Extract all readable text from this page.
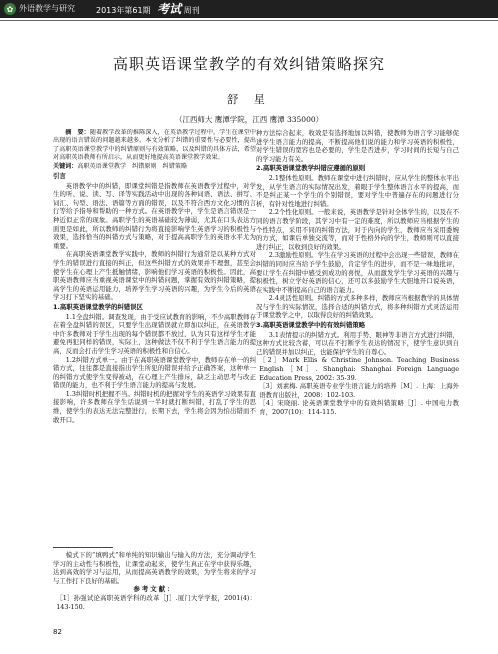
✿ 外语教学与研究	2013年第61期 考试 周刊
高职英语课堂教学的有效纠错策略探究
舒 星
（江西师大 鹰潭学院，江西 鹰潭 335000）

摘　要：随着教学改革的推陈深入，在英语教学过程中，学生在课堂中出现的语言错误的问题越来越多，本文分析了纠错的重要性与必要性，提出了高职英语课堂教学中的纠错原则与有效策略，以及纠错的具体方法，希望对高职英语教师有所启示，从而更好地提高英语课堂教学效果。
关键词：高职英语课堂教学　纠错原则　纠错策略

引言

英语教学中的纠错，即课堂纠错是指教师在英语教学过程中，对学生的听、说、读、写、译等实践活动中出现的各种词语、语法、拼写、词汇、句型、语法、语篇等方面的错误，以及不符合西方文化习惯的言行等给予指导和帮助的一种方式。在英语教学中，学生是语言错误是一种近似正常的现象。高职学生的英语基础较为薄弱，尤其在口头表达方面更是如此，所以教师的纠错行为将直接影响学生英语学习的积极性与效果，选择恰当的纠错方式与策略，对于提高高职学生的英语水平尤为重要。

在高职英语课堂教学实践中，教师的纠错行为通常是以某种方式对学生的错误进行直接的纠正，但这些纠错方式的效果并不理想，甚至会使学生在心理上产生抵触情绪，影响他们学习英语的积极性。因此，高职英语教师应当重视英语课堂中的纠错问题，掌握有效的纠错策略，提高学生的英语运用能力，培养学生学习英语的兴趣，为学生今后的英语学习打下坚实的基础。

1.高职英语课堂教学的纠错误区

1.1全盘纠错。调查发现，由于受应试教育的影响，不少高职教师存在着全盘纠错的误区，只要学生出现错误就立即加以纠正，在英语教学中许多教师对于学生出现的每个错误都不放过，认为只有这样学生才能避免再犯同样的错误，实际上，这种做法不仅不利于学生语言能力的提高，反而会打击学生学习英语的积极性和自信心。

1.2纠错方式单一。由于在高职英语课堂教学中，教师存在单一的纠错方式，往往都是直接指出学生所犯的错误并给予正确答案，这种单一的纠错方式使学生变得被动，在心理上产生排斥，缺乏主动思考与改正错误的能力，也不利于学生语言能力的提高与发展。

1.3纠错时机把握不当。纠错时机的把握对学生的英语学习效果有直接影响，许多教师在学生话说到一半时就打断纠错，打乱了学生的思维，使学生的表达无法完整进行，长期下去，学生将会因为怕出错而不敢开口。

模式下的“填鸭式”和单纯的知识输出与输入的方法，充分调动学生学习的主动性与积极性，让课堂动起来，使学生真正在学中获得乐趣，达到高效的学习与运用，从而提高英语教学的效果，为学生将来的学习与工作打下良好的基础。

参考文献：

［1］孙强试论高职英语学科的改革［J］.厦门大学学报，2001(4)：143-150.

种方法综合起来，收效是有选择地加以纠错，使教师为语言学习能够促进学生语言能力的提高，不断提高他们说的能力和学习英语的积极性，对学生错误的宽容也是必要的，学生是否进步，学习时间的长短与自己的学习能力有关。

2.高职英语课堂教学纠错应遵循的原则

2.1整体性原则。教师在课堂中进行纠错时，应从学生的整体水平出发，从学生语言的实际情况出发，着眼于学生整体语言水平的提高，而不是纠正某一个学生的个别错误，要对学生中普遍存在的问题进行分析，有针对性地进行纠错。

2.2个性化原则。一般来说，英语教学是针对全体学生的，以及在不同的语言教学阶段，其学习中有一定的难度，所以教师应当根据学生的个性特点，采用不同的纠错方法，对于内向的学生，教师应当采用委婉的方式，如课后单独交流等，而对于性格外向的学生，教师则可以直接进行纠正，以收到良好的效果。

2.3激励性原则。学生在学习英语的过程中会出现一些错误，教师在纠错的同时应当给予学生鼓励，肯定学生的进步，而不是一味地批评，要让学生在纠错中感受到成功的喜悦，从而激发学生学习英语的兴趣与积极性，树立学好英语的信心，还可以多鼓励学生大胆地开口说英语，在实践中不断提高自己的语言能力。

2.4灵活性原则。纠错的方式多种多样，教师应当根据教学的具体情况与学生的实际情况，选择合适的纠错方式，将多种纠错方式灵活运用于课堂教学之中，以取得良好的纠错效果。

3.高职英语课堂教学中的有效纠错策略

3.1表情提示的纠错方式。利用手势、眼神等非语言方式进行纠错，这种方式比较含蓄，可以在不打断学生表达的情况下，使学生意识到自己的错误并加以纠正，也能保护学生的自尊心。

［2］Mark Ellis & Christine Johnson. Teaching Business English［M］. Shanghai: Shanghai Foreign Language Education Press, 2002: 35-39.

［3］刘素梅. 高职英语专业学生语言能力的培养［M］. 上海：上海外语教育出版社，2008：102-103.

［4］宋晓丽. 论英语课堂教学中的有效纠错策略［J］. 中国电力教育，2007(10)：114-115.

82
